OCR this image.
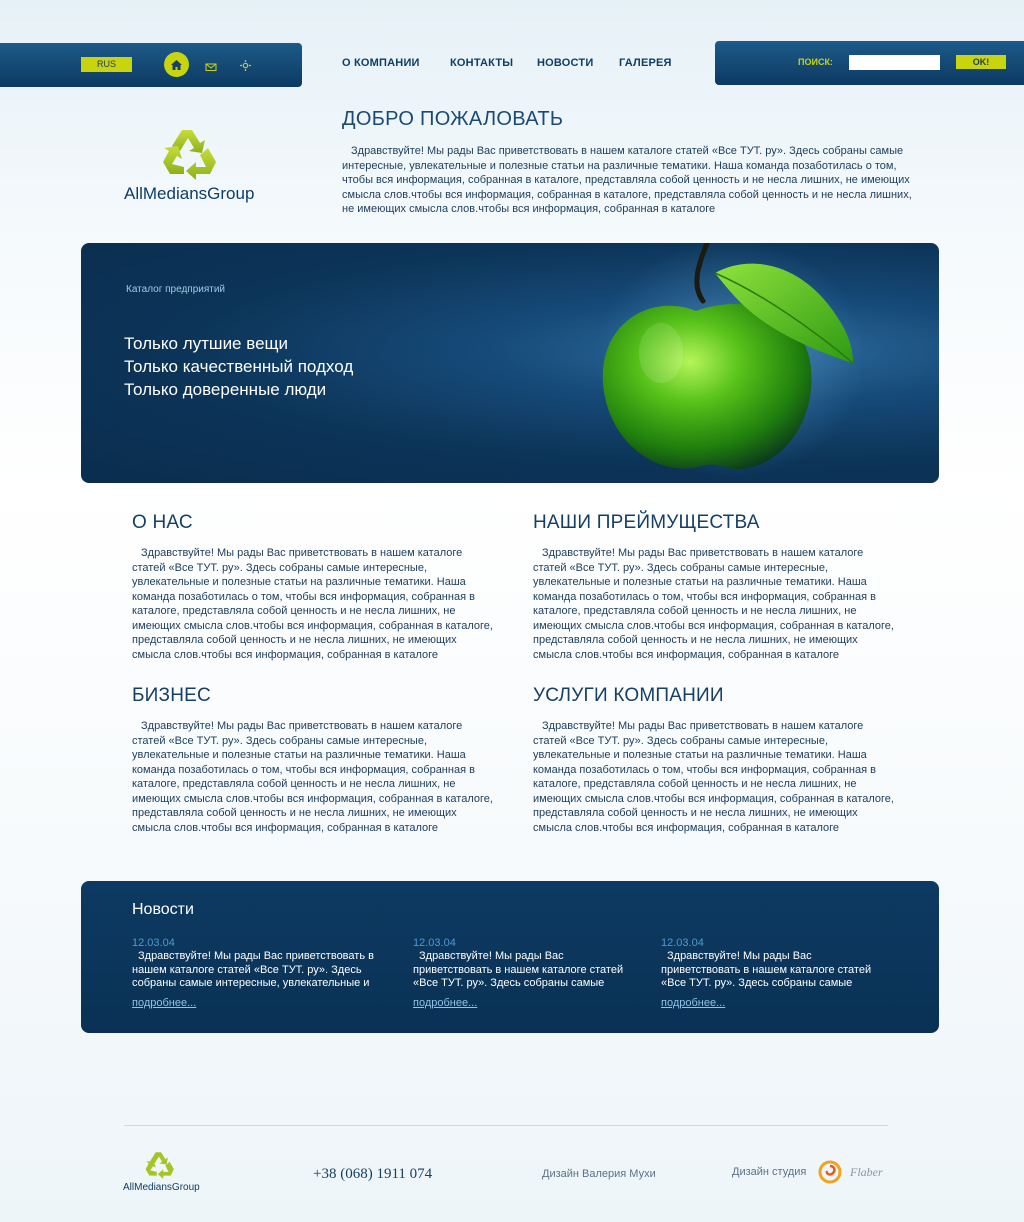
RUS	О КОМПАНИИ	КОНТАКТЫ НОВОСТИ ГАЛЕРЕЯ	ПОИСК:	OK!
AllMediansGroup
ДОБРО ПОЖАЛОВАТЬ
Здравствуйте! Мы рады Вас приветствовать в нашем каталоге статей «Все ТУТ. ру». Здесь собраны самые интересные, увлекательные и полезные статьи на различные тематики. Наша команда позаботилась о том, чтобы вся информация, собранная в каталоге, представляла собой ценность и не несла лишних, не имеющих смысла слов.чтобы вся информация, собранная в каталоге, представляла собой ценность и не несла лишних, не имеющих смысла слов.чтобы вся информация, собранная в каталоге
Каталог предприятий
Только лутшие вещи
Только качественный подход
Только доверенные люди
О НАС
Здравствуйте! Мы рады Вас приветствовать в нашем каталоге статей «Все ТУТ. ру». Здесь собраны самые интересные, увлекательные и полезные статьи на различные тематики. Наша команда позаботилась о том, чтобы вся информация, собранная в каталоге, представляла собой ценность и не несла лишних, не имеющих смысла слов.чтобы вся информация, собранная в каталоге, представляла собой ценность и не несла лишних, не имеющих смысла слов.чтобы вся информация, собранная в каталоге
НАШИ ПРЕЙМУЩЕСТВА
Здравствуйте! Мы рады Вас приветствовать в нашем каталоге статей «Все ТУТ. ру». Здесь собраны самые интересные, увлекательные и полезные статьи на различные тематики. Наша команда позаботилась о том, чтобы вся информация, собранная в каталоге, представляла собой ценность и не несла лишних, не имеющих смысла слов.чтобы вся информация, собранная в каталоге, представляла собой ценность и не несла лишних, не имеющих смысла слов.чтобы вся информация, собранная в каталоге
БИЗНЕС
Здравствуйте! Мы рады Вас приветствовать в нашем каталоге статей «Все ТУТ. ру». Здесь собраны самые интересные, увлекательные и полезные статьи на различные тематики. Наша команда позаботилась о том, чтобы вся информация, собранная в каталоге, представляла собой ценность и не несла лишних, не имеющих смысла слов.чтобы вся информация, собранная в каталоге, представляла собой ценность и не несла лишних, не имеющих смысла слов.чтобы вся информация, собранная в каталоге
УСЛУГИ КОМПАНИИ
Здравствуйте! Мы рады Вас приветствовать в нашем каталоге статей «Все ТУТ. ру». Здесь собраны самые интересные, увлекательные и полезные статьи на различные тематики. Наша команда позаботилась о том, чтобы вся информация, собранная в каталоге, представляла собой ценность и не несла лишних, не имеющих смысла слов.чтобы вся информация, собранная в каталоге, представляла собой ценность и не несла лишних, не имеющих смысла слов.чтобы вся информация, собранная в каталоге
Новости
12.03.04
Здравствуйте! Мы рады Вас приветствовать в нашем каталоге статей «Все ТУТ. ру». Здесь собраны самые интересные, увлекательные и
подробнее...
12.03.04
Здравствуйте! Мы рады Вас приветствовать в нашем каталоге статей «Все ТУТ. ру». Здесь собраны самые
подробнее...
12.03.04
Здравствуйте! Мы рады Вас приветствовать в нашем каталоге статей «Все ТУТ. ру». Здесь собраны самые
подробнее...
AllMediansGroup
+38 (068) 1911 074	Дизайн Валерия Мухи	Дизайн студия	Flaber
